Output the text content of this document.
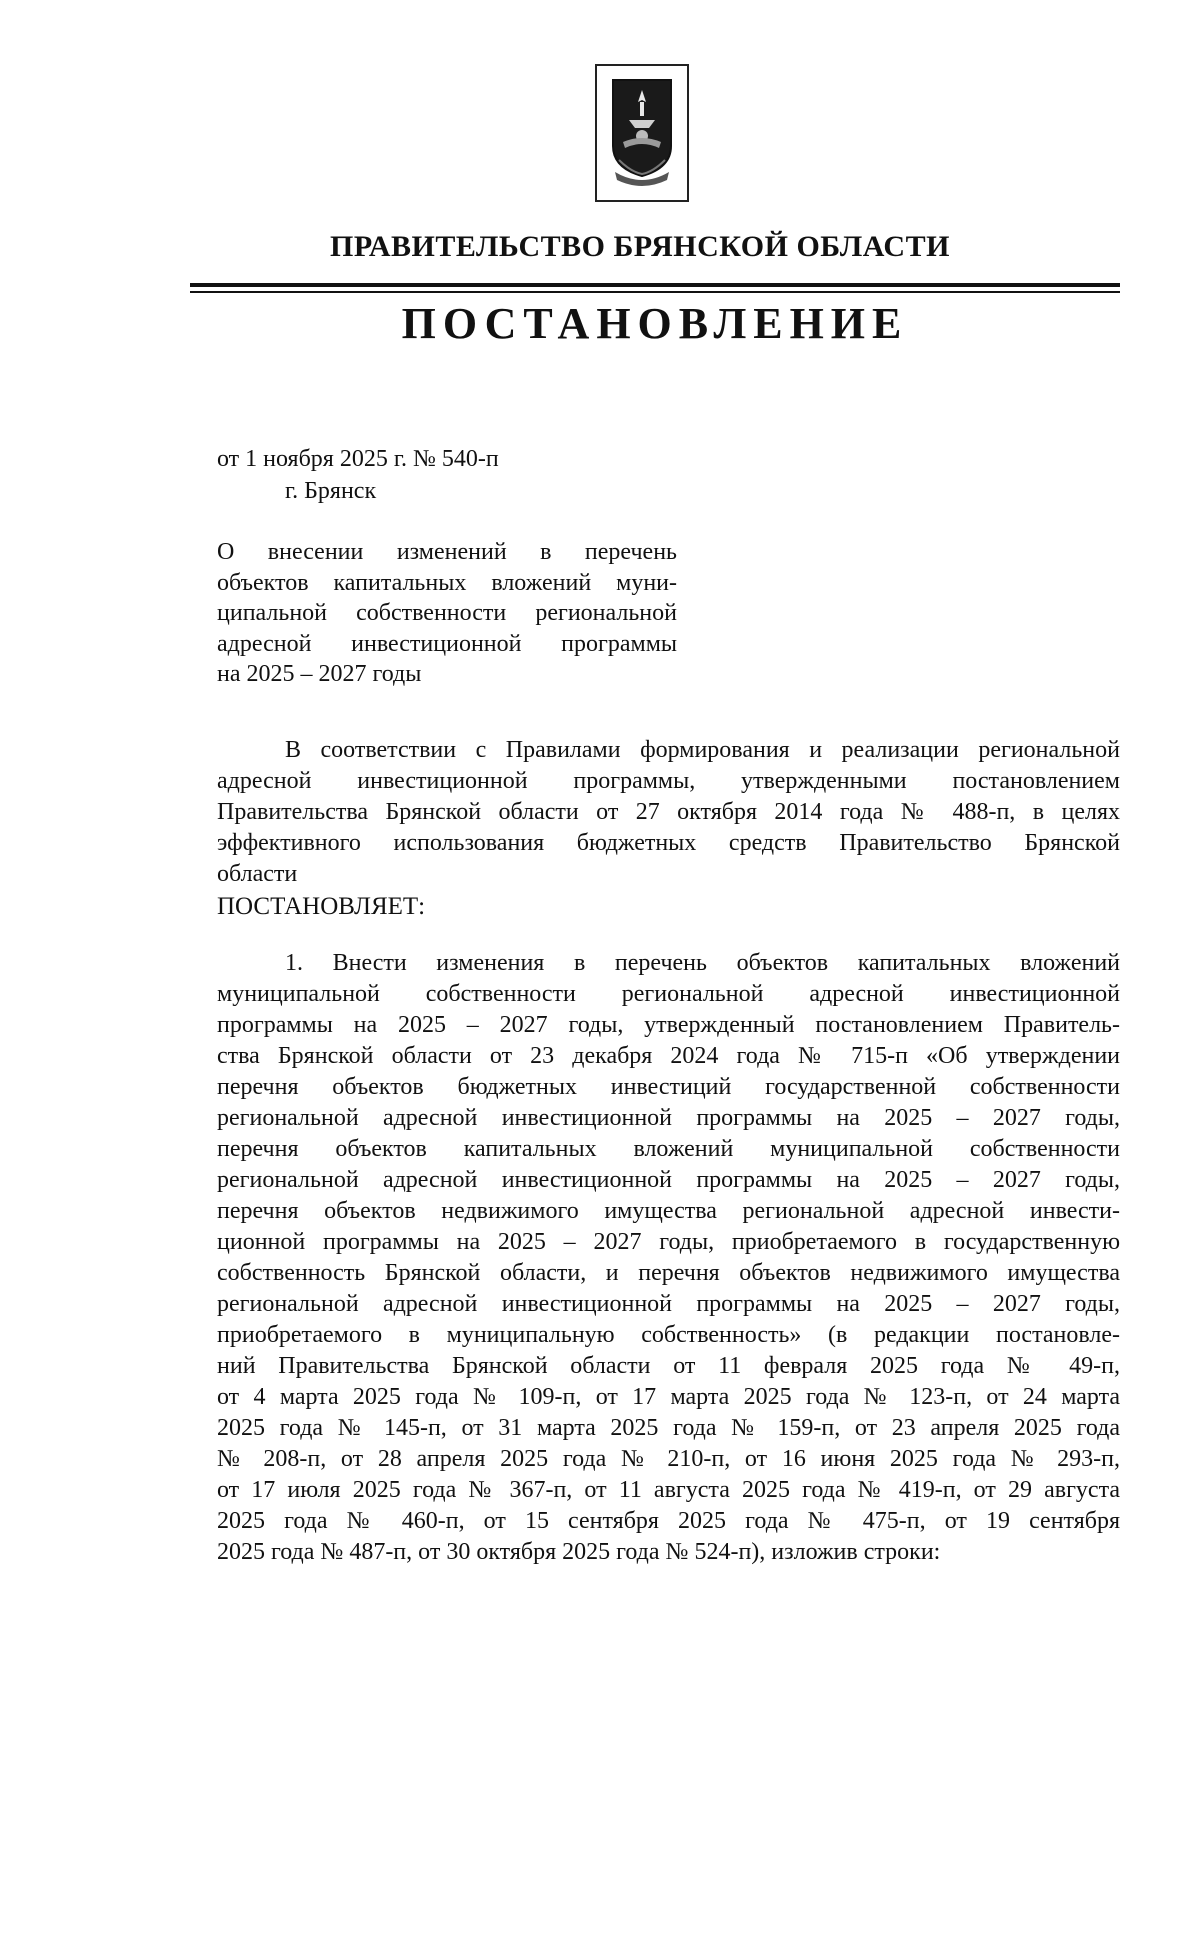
ПРАВИТЕЛЬСТВО БРЯНСКОЙ ОБЛАСТИ
ПОСТАНОВЛЕНИЕ
от 1 ноября 2025 г. № 540-п
г. Брянск
О внесении изменений в перечень
объектов капитальных вложений муни-
ципальной собственности региональной
адресной инвестиционной программы
на 2025 – 2027 годы
В соответствии с Правилами формирования и реализации региональной
адресной инвестиционной программы, утвержденными постановлением
Правительства Брянской области от 27 октября 2014 года № 488-п, в целях
эффективного использования бюджетных средств Правительство Брянской
области
ПОСТАНОВЛЯЕТ:
1. Внести изменения в перечень объектов капитальных вложений
муниципальной собственности региональной адресной инвестиционной
программы на 2025 – 2027 годы, утвержденный постановлением Правитель-
ства Брянской области от 23 декабря 2024 года № 715-п «Об утверждении
перечня объектов бюджетных инвестиций государственной собственности
региональной адресной инвестиционной программы на 2025 – 2027 годы,
перечня объектов капитальных вложений муниципальной собственности
региональной адресной инвестиционной программы на 2025 – 2027 годы,
перечня объектов недвижимого имущества региональной адресной инвести-
ционной программы на 2025 – 2027 годы, приобретаемого в государственную
собственность Брянской области, и перечня объектов недвижимого имущества
региональной адресной инвестиционной программы на 2025 – 2027 годы,
приобретаемого в муниципальную собственность» (в редакции постановле-
ний Правительства Брянской области от 11 февраля 2025 года № 49-п,
от 4 марта 2025 года № 109-п, от 17 марта 2025 года № 123-п, от 24 марта
2025 года № 145-п, от 31 марта 2025 года № 159-п, от 23 апреля 2025 года
№ 208-п, от 28 апреля 2025 года № 210-п, от 16 июня 2025 года № 293-п,
от 17 июля 2025 года № 367-п, от 11 августа 2025 года № 419-п, от 29 августа
2025 года № 460-п, от 15 сентября 2025 года № 475-п, от 19 сентября
2025 года № 487-п, от 30 октября 2025 года № 524-п), изложив строки:
